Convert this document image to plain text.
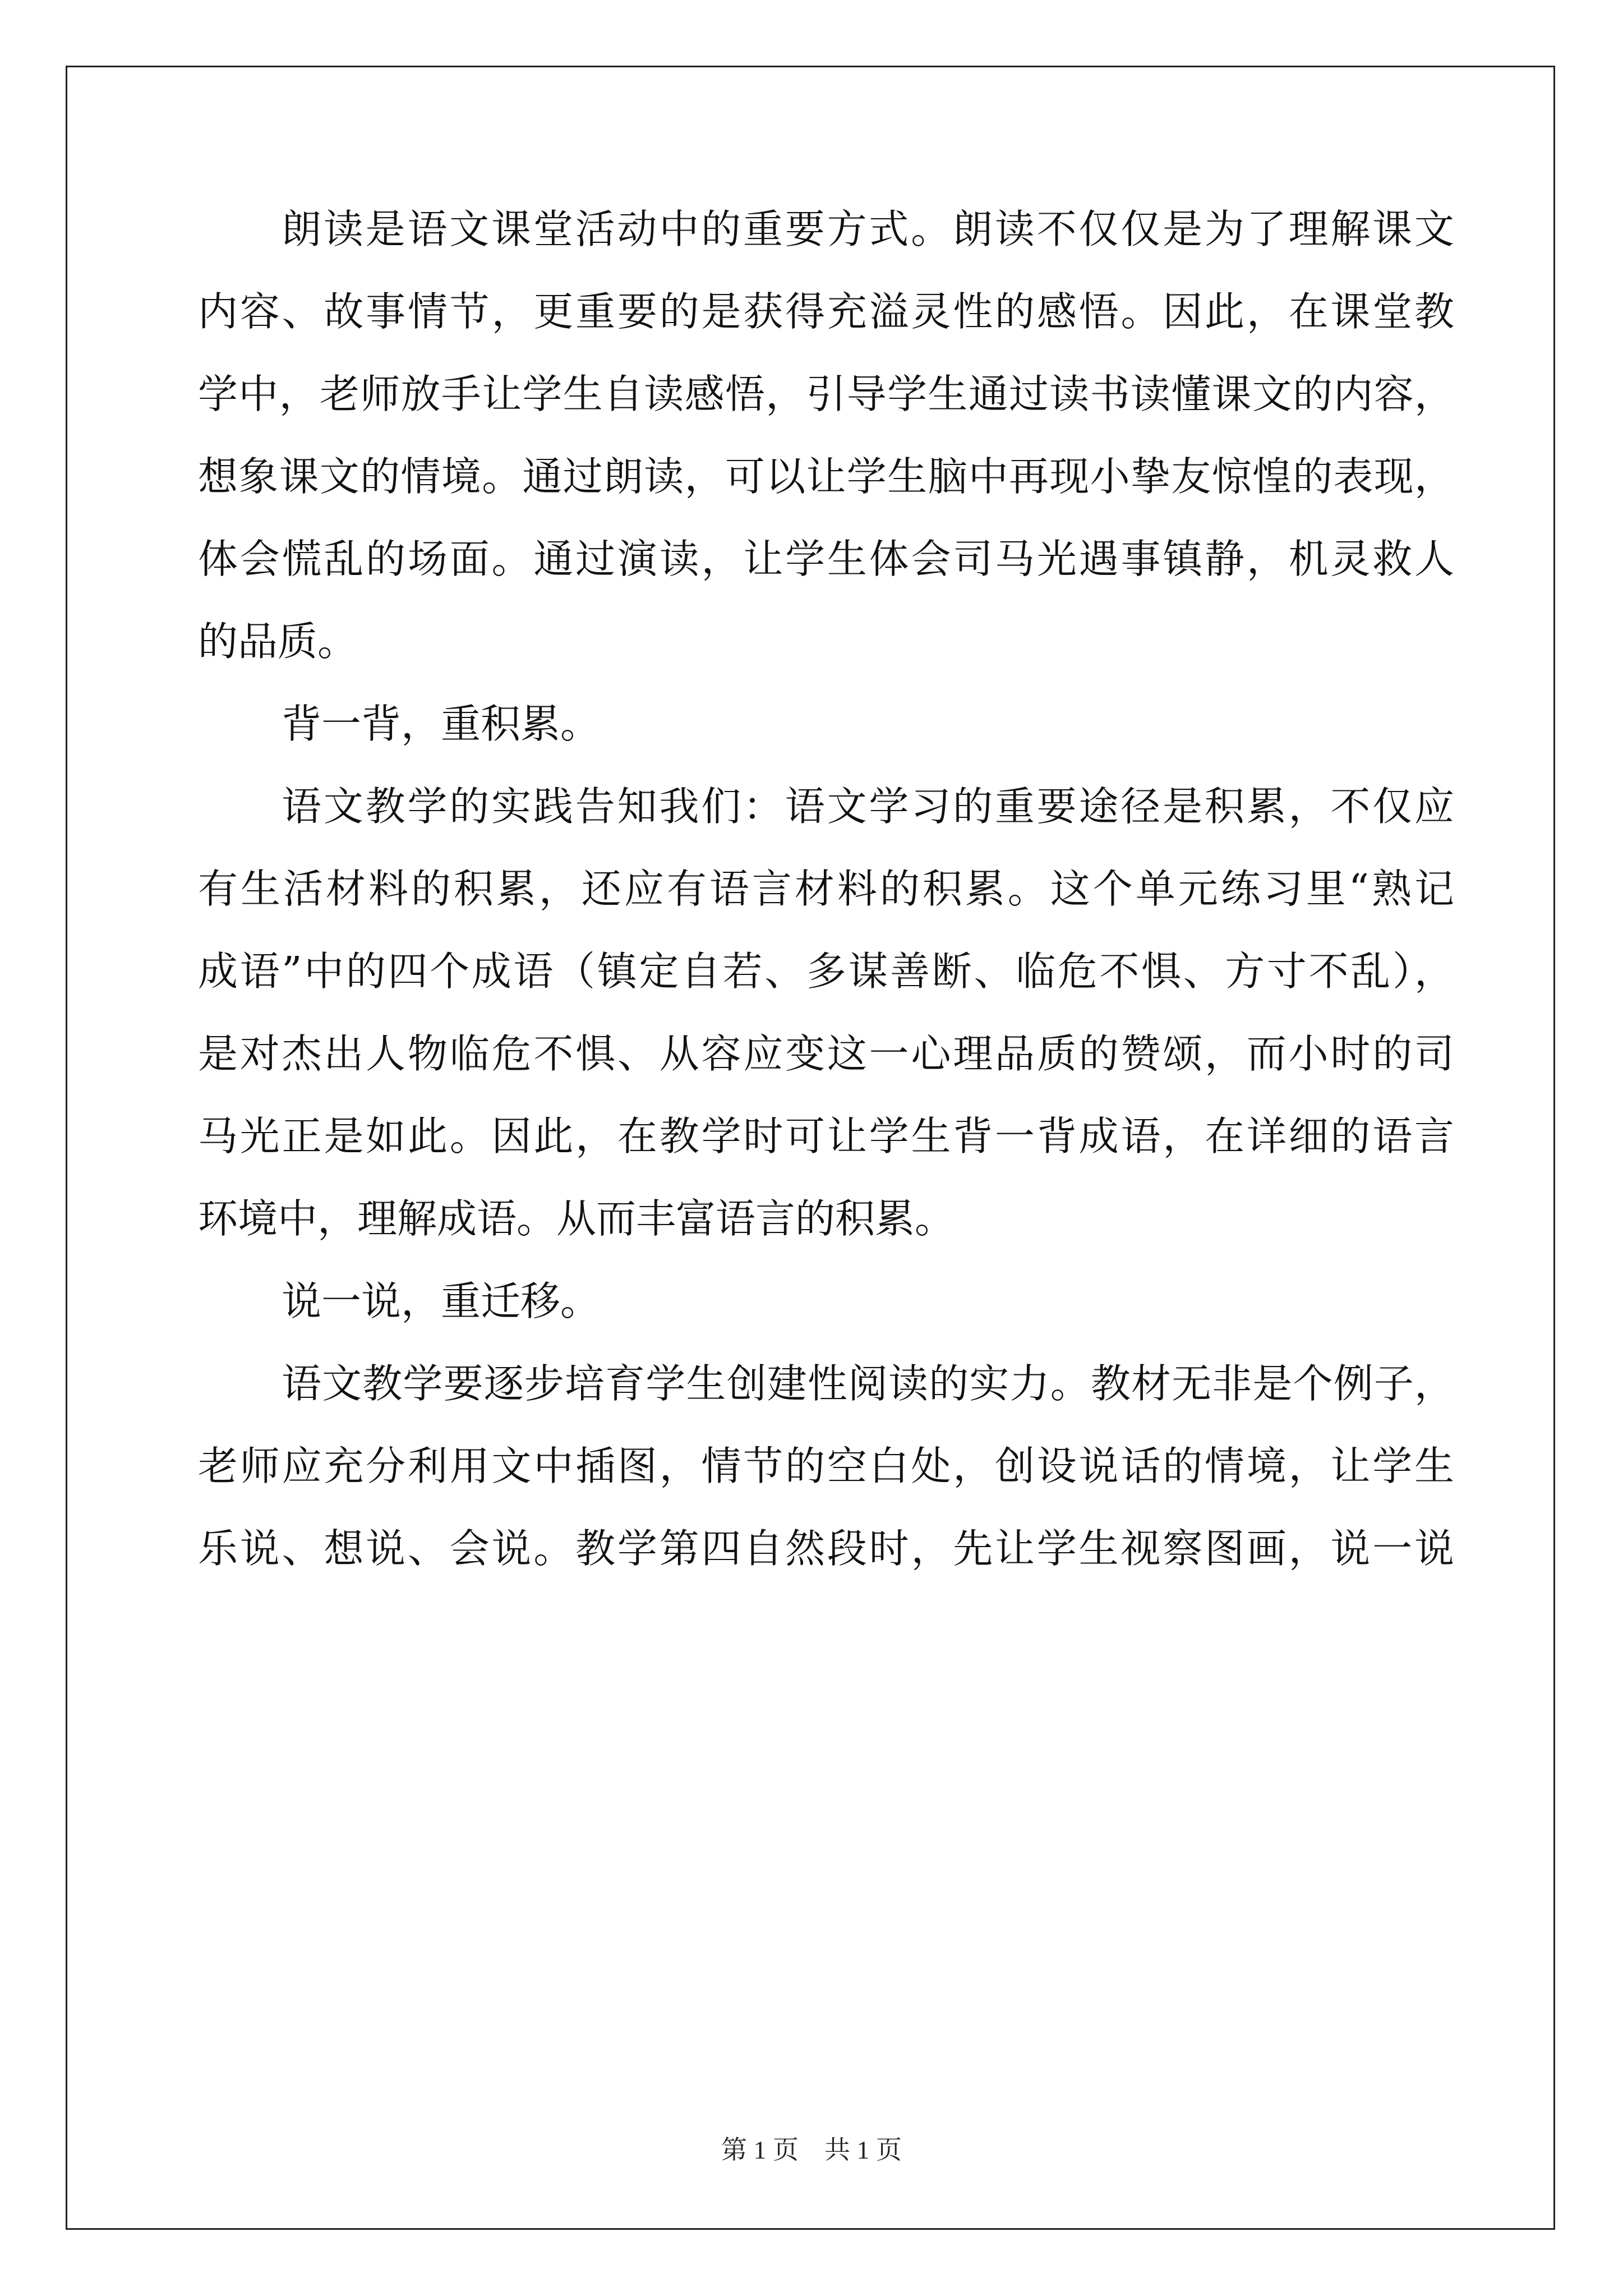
朗读是语文课堂活动中的重要方式。朗读不仅仅是为了理解课文

内容、故事情节，更重要的是获得充溢灵性的感悟。因此，在课堂教

学中，老师放手让学生自读感悟，引导学生通过读书读懂课文的内容，

想象课文的情境。通过朗读，可以让学生脑中再现小挚友惊惶的表现，

体会慌乱的场面。通过演读，让学生体会司马光遇事镇静，机灵救人

的品质。

背一背，重积累。

语文教学的实践告知我们：语文学习的重要途径是积累，不仅应

有生活材料的积累，还应有语言材料的积累。这个单元练习里“熟记

成语”中的四个成语（镇定自若、多谋善断、临危不惧、方寸不乱），

是对杰出人物临危不惧、从容应变这一心理品质的赞颂，而小时的司

马光正是如此。因此，在教学时可让学生背一背成语，在详细的语言

环境中，理解成语。从而丰富语言的积累。

说一说，重迁移。

语文教学要逐步培育学生创建性阅读的实力。教材无非是个例子，

老师应充分利用文中插图，情节的空白处，创设说话的情境，让学生

乐说、想说、会说。教学第四自然段时，先让学生视察图画，说一说

第 1 页　共 1 页
